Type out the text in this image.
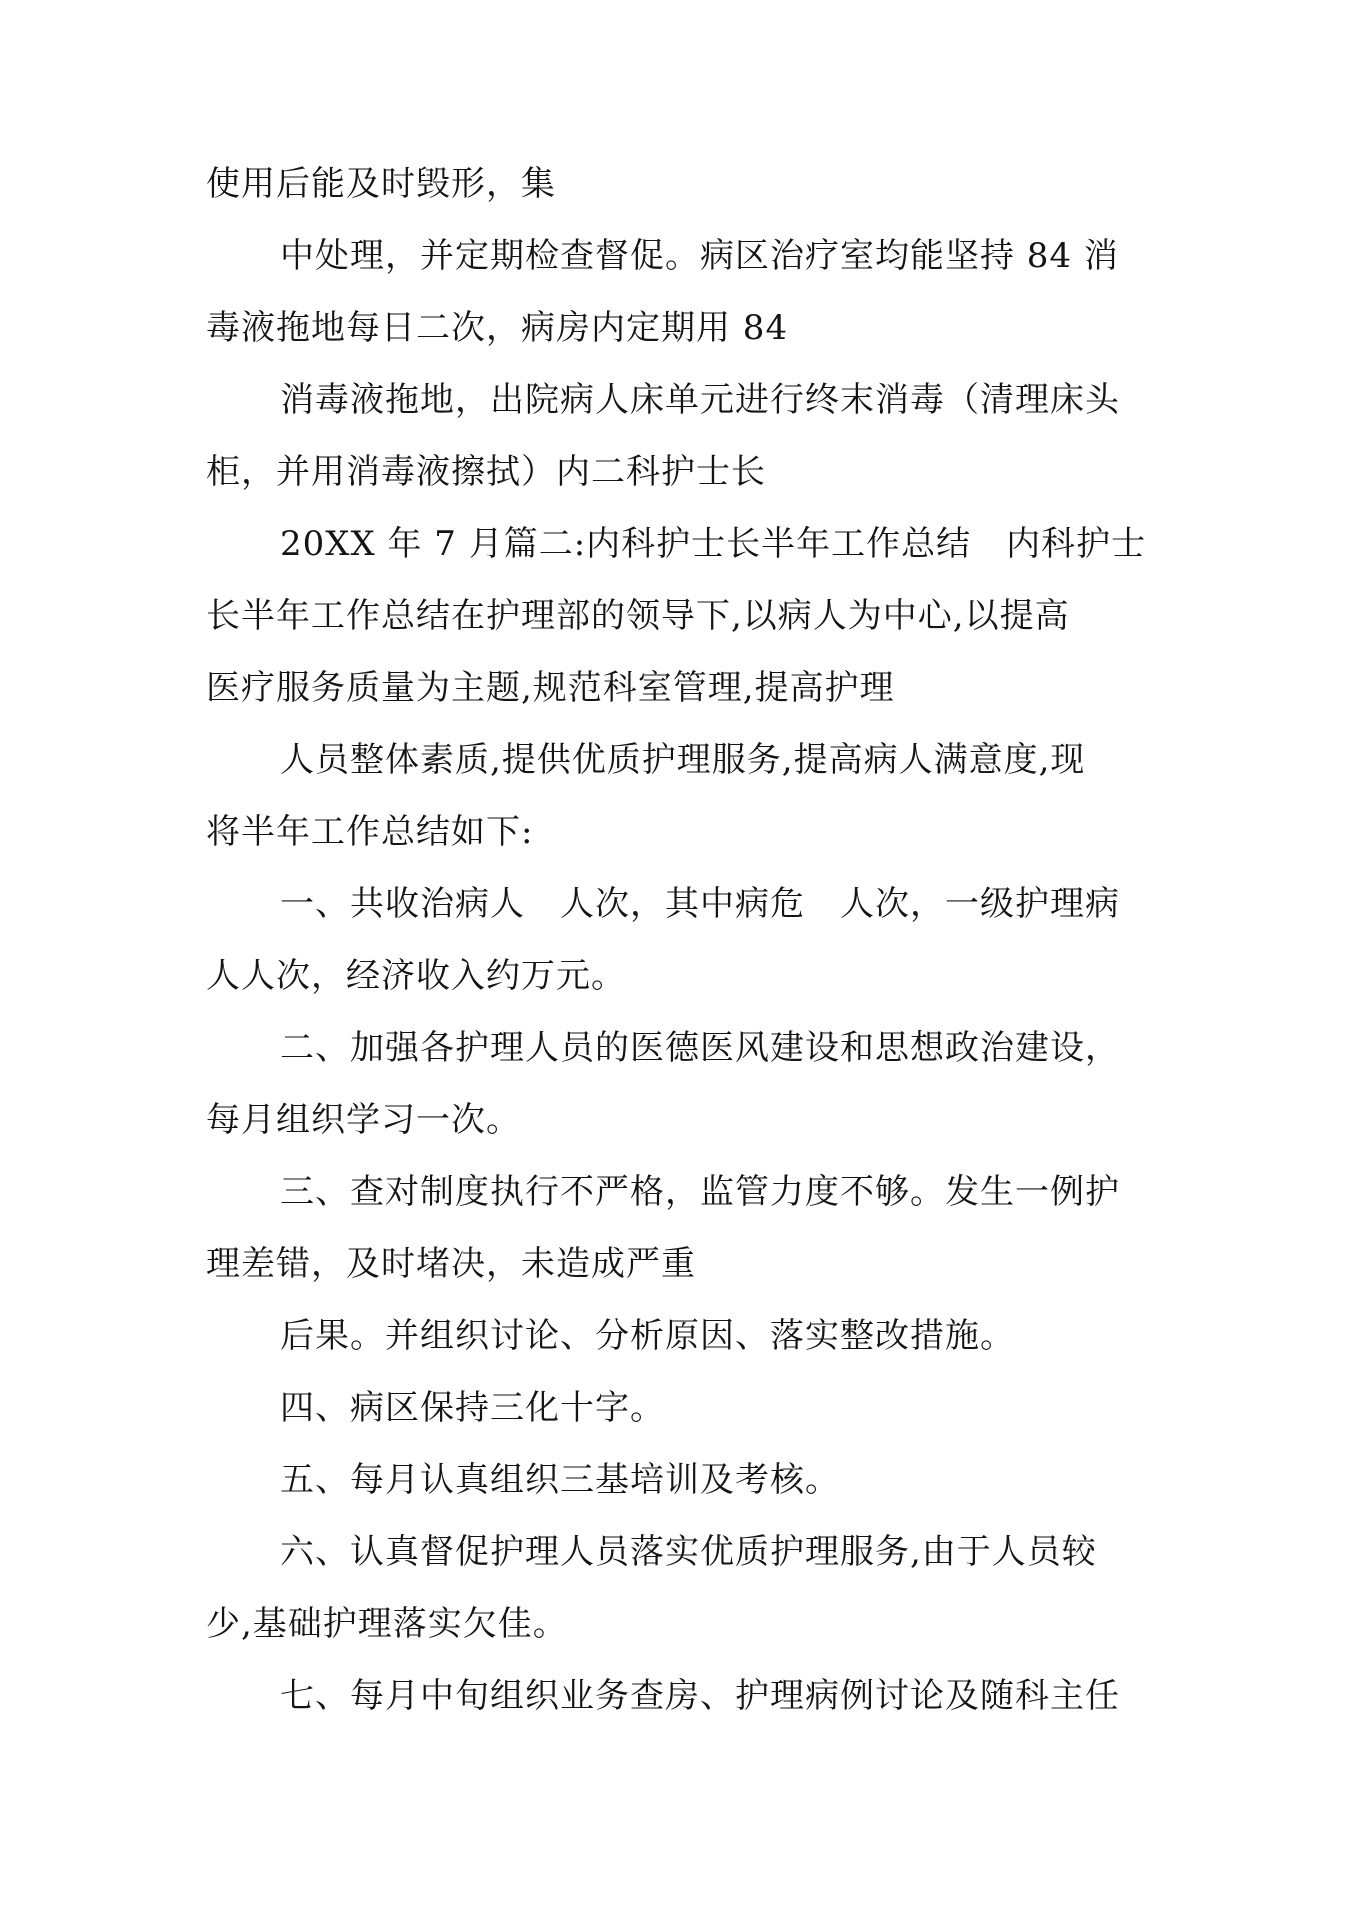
使用后能及时毁形，集
中处理，并定期检查督促。病区治疗室均能坚持 84 消
毒液拖地每日二次，病房内定期用 84
消毒液拖地，出院病人床单元进行终末消毒（清理床头
柜，并用消毒液擦拭）内二科护士长
20XX 年 7 月篇二:内科护士长半年工作总结　内科护士
长半年工作总结在护理部的领导下,以病人为中心,以提高
医疗服务质量为主题,规范科室管理,提高护理
人员整体素质,提供优质护理服务,提高病人满意度,现
将半年工作总结如下:
一、共收治病人　人次，其中病危　人次，一级护理病
人人次，经济收入约万元。
二、加强各护理人员的医德医风建设和思想政治建设，
每月组织学习一次。
三、查对制度执行不严格，监管力度不够。发生一例护
理差错，及时堵决，未造成严重
后果。并组织讨论、分析原因、落实整改措施。
四、病区保持三化十字。
五、每月认真组织三基培训及考核。
六、认真督促护理人员落实优质护理服务,由于人员较
少,基础护理落实欠佳。
七、每月中旬组织业务查房、护理病例讨论及随科主任
